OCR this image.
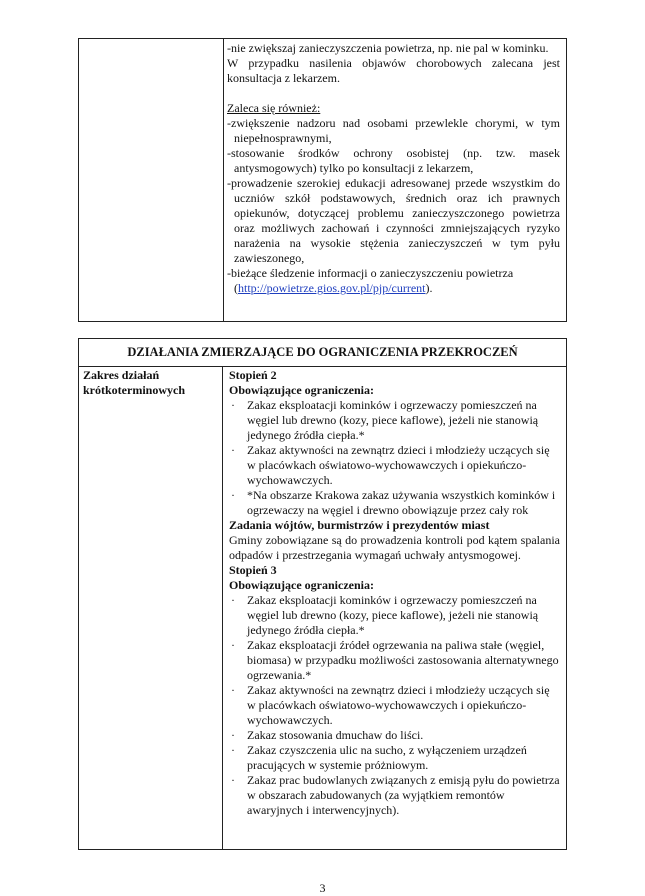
-nie zwiększaj zanieczyszczenia powietrza, np. nie pal w kominku.

W przypadku nasilenia objawów chorobowych zalecana jest konsultacja z lekarzem.

Zaleca się również:

-zwiększenie nadzoru nad osobami przewlekle chorymi, w tym niepełnosprawnymi,

-stosowanie środków ochrony osobistej (np. tzw. masek antysmogowych) tylko po konsultacji z lekarzem,

-prowadzenie szerokiej edukacji adresowanej przede wszystkim do uczniów szkół podstawowych, średnich oraz ich prawnych opiekunów, dotyczącej problemu zanieczyszczonego powietrza oraz możliwych zachowań i czynności zmniejszających ryzyko narażenia na wysokie stężenia zanieczyszczeń w tym pyłu zawieszonego,

-bieżące śledzenie informacji o zanieczyszczeniu powietrza (http://powietrze.gios.gov.pl/pjp/current).

DZIAŁANIA ZMIERZAJĄCE DO OGRANICZENIA PRZEKROCZEŃ
Zakres działań krótkoterminowych

Stopień 2

Obowiązujące ograniczenia:

· Zakaz eksploatacji kominków i ogrzewaczy pomieszczeń na węgiel lub drewno (kozy, piece kaflowe), jeżeli nie stanowią jedynego źródła ciepła.*
· Zakaz aktywności na zewnątrz dzieci i młodzieży uczących się w placówkach oświatowo-wychowawczych i opiekuńczo-wychowawczych.
· *Na obszarze Krakowa zakaz używania wszystkich kominków i ogrzewaczy na węgiel i drewno obowiązuje przez cały rok

Zadania wójtów, burmistrzów i prezydentów miast

Gminy zobowiązane są do prowadzenia kontroli pod kątem spalania odpadów i przestrzegania wymagań uchwały antysmogowej.

Stopień 3

Obowiązujące ograniczenia:

· Zakaz eksploatacji kominków i ogrzewaczy pomieszczeń na węgiel lub drewno (kozy, piece kaflowe), jeżeli nie stanowią jedynego źródła ciepła.*
· Zakaz eksploatacji źródeł ogrzewania na paliwa stałe (węgiel, biomasa) w przypadku możliwości zastosowania alternatywnego ogrzewania.*
· Zakaz aktywności na zewnątrz dzieci i młodzieży uczących się w placówkach oświatowo-wychowawczych i opiekuńczo-wychowawczych.
· Zakaz stosowania dmuchaw do liści.
· Zakaz czyszczenia ulic na sucho, z wyłączeniem urządzeń pracujących w systemie próżniowym.
· Zakaz prac budowlanych związanych z emisją pyłu do powietrza w obszarach zabudowanych (za wyjątkiem remontów awaryjnych i interwencyjnych).
3
